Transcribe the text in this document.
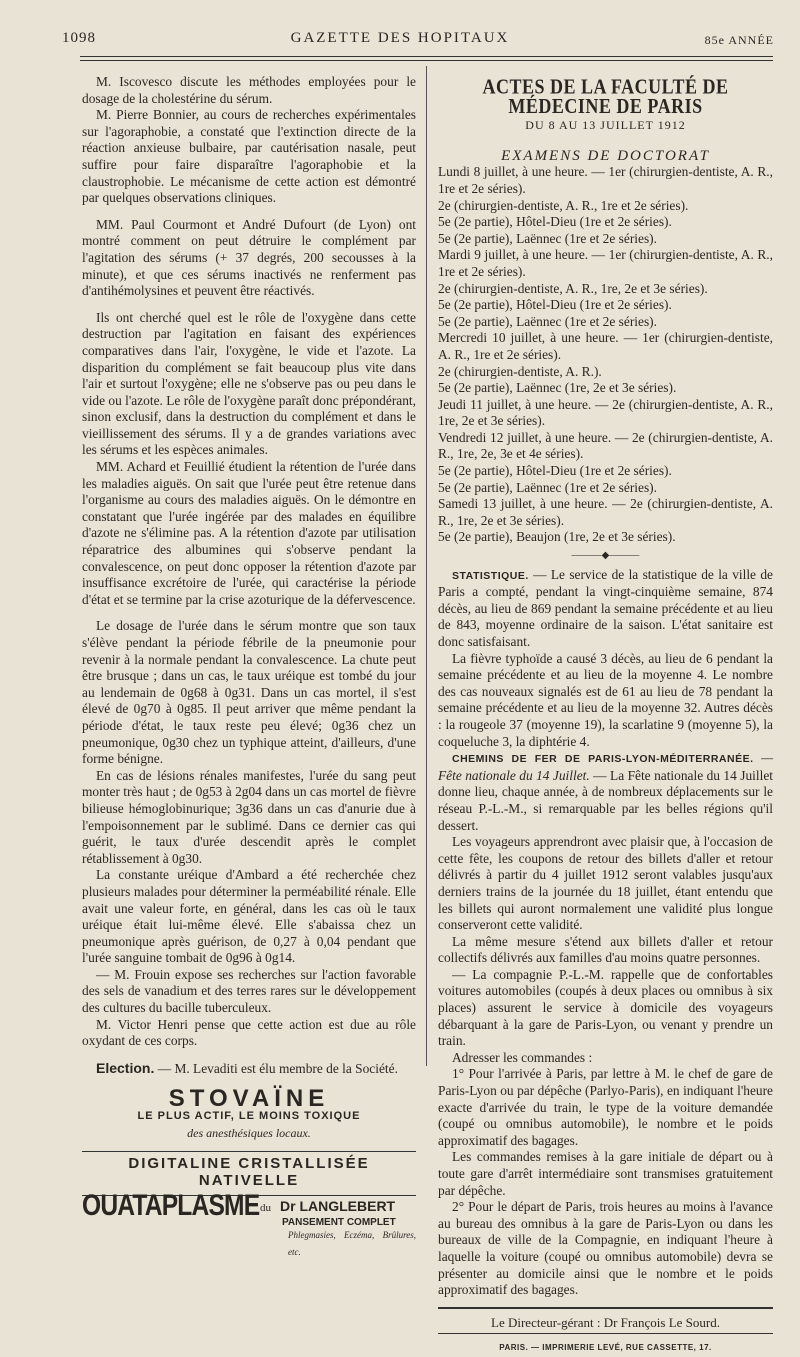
1098	GAZETTE DES HOPITAUX	85e ANNÉE

M. Iscovesco discute les méthodes employées pour le dosage de la cholestérine du sérum.

M. Pierre Bonnier, au cours de recherches expérimentales sur l'agoraphobie, a constaté que l'extinction directe de la réaction anxieuse bulbaire, par cautérisation nasale, peut suffire pour faire disparaître l'agoraphobie et la claustrophobie. Le mécanisme de cette action est démontré par quelques observations cliniques.

MM. Paul Courmont et André Dufourt (de Lyon) ont montré comment on peut détruire le complément par l'agitation des sérums (+ 37 degrés, 200 secousses à la minute), et que ces sérums inactivés ne renferment pas d'antihémolysines et peuvent être réactivés.

Ils ont cherché quel est le rôle de l'oxygène dans cette destruction par l'agitation en faisant des expériences comparatives dans l'air, l'oxygène, le vide et l'azote. La disparition du complément se fait beaucoup plus vite dans l'air et surtout l'oxygène; elle ne s'observe pas ou peu dans le vide ou l'azote. Le rôle de l'oxygène paraît donc prépondérant, sinon exclusif, dans la destruction du complément et dans le vieillissement des sérums. Il y a de grandes variations avec les sérums et les espèces animales.

MM. Achard et Feuillié étudient la rétention de l'urée dans les maladies aiguës. On sait que l'urée peut être retenue dans l'organisme au cours des maladies aiguës. On le démontre en constatant que l'urée ingérée par des malades en équilibre d'azote ne s'élimine pas. A la rétention d'azote par utilisation réparatrice des albumines qui s'observe pendant la convalescence, on peut donc opposer la rétention d'azote par insuffisance excrétoire de l'urée, qui caractérise la période d'état et se termine par la crise azoturique de la défervescence.

Le dosage de l'urée dans le sérum montre que son taux s'élève pendant la période fébrile de la pneumonie pour revenir à la normale pendant la convalescence. La chute peut être brusque ; dans un cas, le taux uréique est tombé du jour au lendemain de 0g68 à 0g31. Dans un cas mortel, il s'est élevé de 0g70 à 0g85. Il peut arriver que même pendant la période d'état, le taux reste peu élevé; 0g36 chez un pneumonique, 0g30 chez un typhique atteint, d'ailleurs, d'une forme bénigne.

En cas de lésions rénales manifestes, l'urée du sang peut monter très haut ; de 0g53 à 2g04 dans un cas mortel de fièvre bilieuse hémoglobinurique; 3g36 dans un cas d'anurie due à l'empoisonnement par le sublimé. Dans ce dernier cas qui guérit, le taux d'urée descendit après le complet rétablissement à 0g30.

La constante uréique d'Ambard a été recherchée chez plusieurs malades pour déterminer la perméabilité rénale. Elle avait une valeur forte, en général, dans les cas où le taux uréique était lui-même élevé. Elle s'abaissa chez un pneumonique après guérison, de 0,27 à 0,04 pendant que l'urée sanguine tombait de 0g96 à 0g14.

— M. Frouin expose ses recherches sur l'action favorable des sels de vanadium et des terres rares sur le développement des cultures du bacille tuberculeux.

M. Victor Henri pense que cette action est due au rôle oxydant de ces corps.

Election. — M. Levaditi est élu membre de la Société.

STOVAÏNE
LE PLUS ACTIF, LE MOINS TOXIQUE
des anesthésiques locaux.
DIGITALINE CRISTALLISÉE NATIVELLE
OUATAPLASME du Dr LANGLEBERT
PANSEMENT COMPLET
Phlegmasies, Eczéma, Brûlures, etc.
ACTES DE LA FACULTÉ DE MÉDECINE DE PARIS
DU 8 AU 13 JUILLET 1912
EXAMENS DE DOCTORAT

Lundi 8 juillet, à une heure. — 1er (chirurgien-dentiste, A. R., 1re et 2e séries).

2e (chirurgien-dentiste, A. R., 1re et 2e séries).

5e (2e partie), Hôtel-Dieu (1re et 2e séries).

5e (2e partie), Laënnec (1re et 2e séries).

Mardi 9 juillet, à une heure. — 1er (chirurgien-dentiste, A. R., 1re et 2e séries).

2e (chirurgien-dentiste, A. R., 1re, 2e et 3e séries).

5e (2e partie), Hôtel-Dieu (1re et 2e séries).

5e (2e partie), Laënnec (1re et 2e séries).

Mercredi 10 juillet, à une heure. — 1er (chirurgien-dentiste, A. R., 1re et 2e séries).

2e (chirurgien-dentiste, A. R.).

5e (2e partie), Laënnec (1re, 2e et 3e séries).

Jeudi 11 juillet, à une heure. — 2e (chirurgien-dentiste, A. R., 1re, 2e et 3e séries).

Vendredi 12 juillet, à une heure. — 2e (chirurgien-dentiste, A. R., 1re, 2e, 3e et 4e séries).

5e (2e partie), Hôtel-Dieu (1re et 2e séries).

5e (2e partie), Laënnec (1re et 2e séries).

Samedi 13 juillet, à une heure. — 2e (chirurgien-dentiste, A. R., 1re, 2e et 3e séries).

5e (2e partie), Beaujon (1re, 2e et 3e séries).

———◆———

STATISTIQUE. — Le service de la statistique de la ville de Paris a compté, pendant la vingt-cinquième semaine, 874 décès, au lieu de 869 pendant la semaine précédente et au lieu de 843, moyenne ordinaire de la saison. L'état sanitaire est donc satisfaisant.

La fièvre typhoïde a causé 3 décès, au lieu de 6 pendant la semaine précédente et au lieu de la moyenne 4. Le nombre des cas nouveaux signalés est de 61 au lieu de 78 pendant la semaine précédente et au lieu de la moyenne 32. Autres décès : la rougeole 37 (moyenne 19), la scarlatine 9 (moyenne 5), la coqueluche 3, la diphtérie 4.

CHEMINS DE FER DE PARIS-LYON-MÉDITERRANÉE. — Fête nationale du 14 Juillet. — La Fête nationale du 14 Juillet donne lieu, chaque année, à de nombreux déplacements sur le réseau P.-L.-M., si remarquable par les belles régions qu'il dessert.

Les voyageurs apprendront avec plaisir que, à l'occasion de cette fête, les coupons de retour des billets d'aller et retour délivrés à partir du 4 juillet 1912 seront valables jusqu'aux derniers trains de la journée du 18 juillet, étant entendu que les billets qui auront normalement une validité plus longue conserveront cette validité.

La même mesure s'étend aux billets d'aller et retour collectifs délivrés aux familles d'au moins quatre personnes.

— La compagnie P.-L.-M. rappelle que de confortables voitures automobiles (coupés à deux places ou omnibus à six places) assurent le service à domicile des voyageurs débarquant à la gare de Paris-Lyon, ou venant y prendre un train.

Adresser les commandes :

1° Pour l'arrivée à Paris, par lettre à M. le chef de gare de Paris-Lyon ou par dépêche (Parlyo-Paris), en indiquant l'heure exacte d'arrivée du train, le type de la voiture demandée (coupé ou omnibus automobile), le nombre et le poids approximatif des bagages.

Les commandes remises à la gare initiale de départ ou à toute gare d'arrêt intermédiaire sont transmises gratuitement par dépêche.

2° Pour le départ de Paris, trois heures au moins à l'avance au bureau des omnibus à la gare de Paris-Lyon ou dans les bureaux de ville de la Compagnie, en indiquant l'heure à laquelle la voiture (coupé ou omnibus automobile) devra se présenter au domicile ainsi que le nombre et le poids approximatif des bagages.

Le Directeur-gérant : Dr François Le Sourd.
PARIS. — IMPRIMERIE LEVÉ, RUE CASSETTE, 17.
